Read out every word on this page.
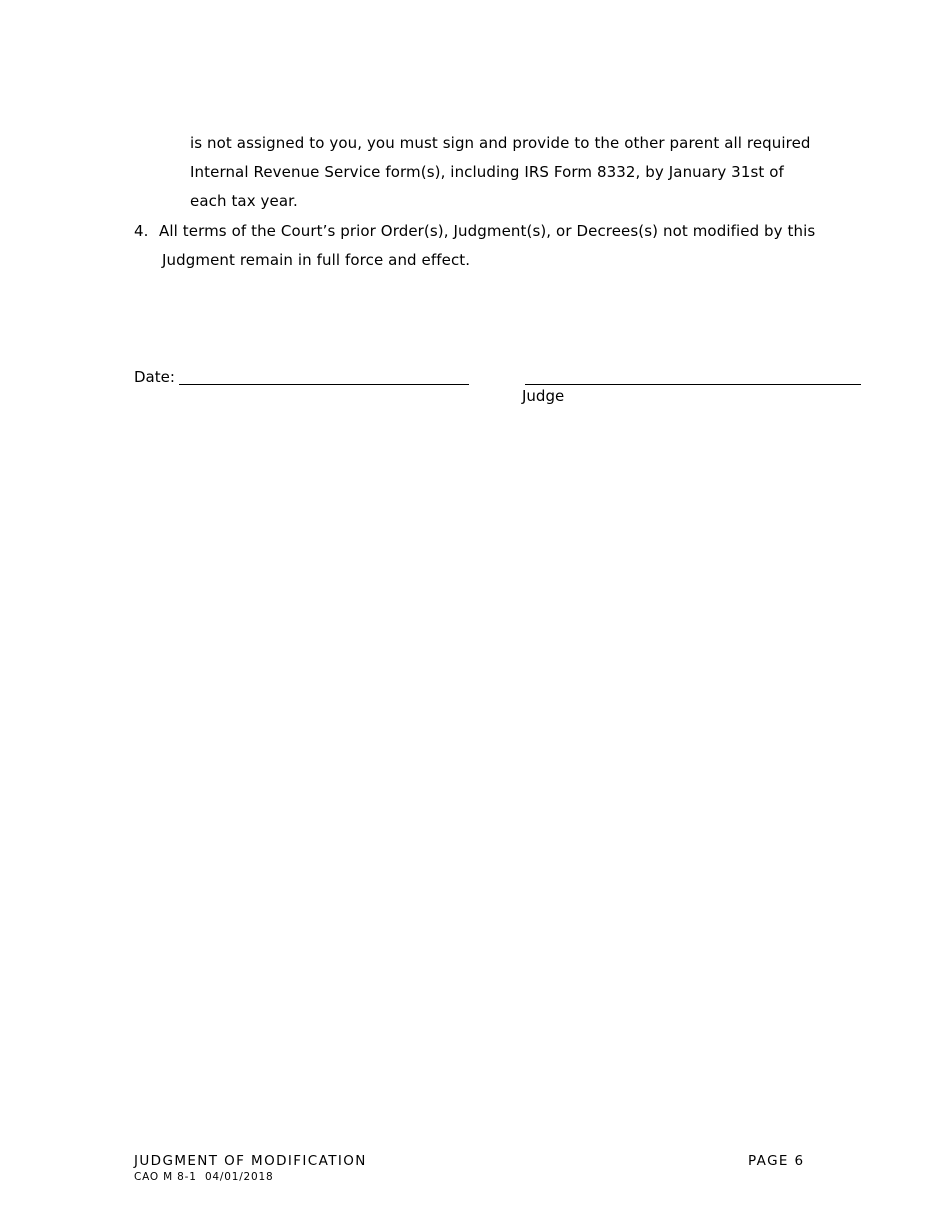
is not assigned to you, you must sign and provide to the other parent all required
Internal Revenue Service form(s), including IRS Form 8332, by January 31st of
each tax year.
4. All terms of the Court’s prior Order(s), Judgment(s), or Decrees(s) not modified by this
Judgment remain in full force and effect.
Date:
Judge
JUDGMENT OF MODIFICATION
CAO M 8-1  04/01/2018
PAGE 6
